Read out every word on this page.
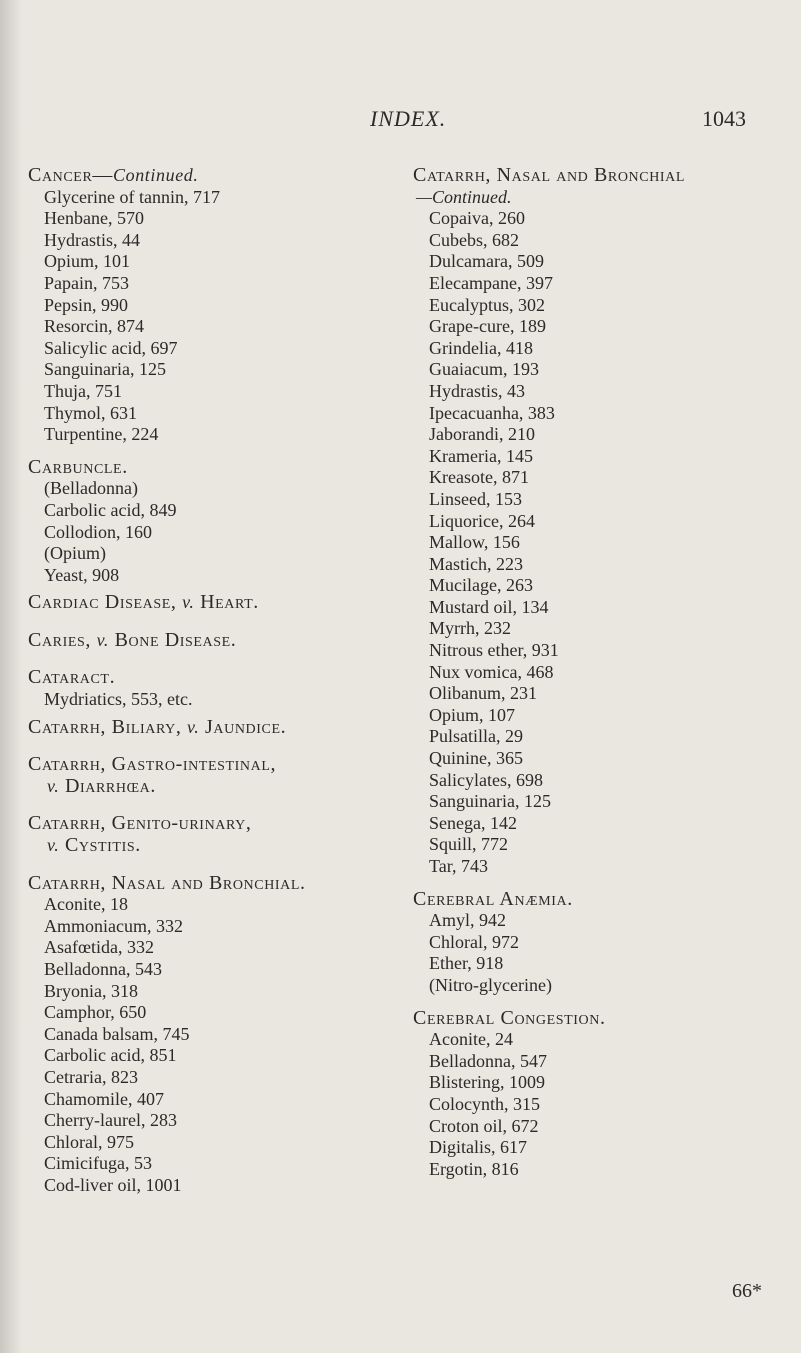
INDEX.	1043
Cancer—Continued.
Glycerine of tannin, 717
Henbane, 570
Hydrastis, 44
Opium, 101
Papain, 753
Pepsin, 990
Resorcin, 874
Salicylic acid, 697
Sanguinaria, 125
Thuja, 751
Thymol, 631
Turpentine, 224
Carbuncle.
(Belladonna)
Carbolic acid, 849
Collodion, 160
(Opium)
Yeast, 908
Cardiac Disease, v. Heart.
Caries, v. Bone Disease.
Cataract.
Mydriatics, 553, etc.
Catarrh, Biliary, v. Jaundice.
Catarrh, Gastro-intestinal,
v. Diarrhœa.
Catarrh, Genito-urinary,
v. Cystitis.
Catarrh, Nasal and Bronchial.
Aconite, 18
Ammoniacum, 332
Asafœtida, 332
Belladonna, 543
Bryonia, 318
Camphor, 650
Canada balsam, 745
Carbolic acid, 851
Cetraria, 823
Chamomile, 407
Cherry-laurel, 283
Chloral, 975
Cimicifuga, 53
Cod-liver oil, 1001
Catarrh, Nasal and Bronchial
—Continued.
Copaiva, 260
Cubebs, 682
Dulcamara, 509
Elecampane, 397
Eucalyptus, 302
Grape-cure, 189
Grindelia, 418
Guaiacum, 193
Hydrastis, 43
Ipecacuanha, 383
Jaborandi, 210
Krameria, 145
Kreasote, 871
Linseed, 153
Liquorice, 264
Mallow, 156
Mastich, 223
Mucilage, 263
Mustard oil, 134
Myrrh, 232
Nitrous ether, 931
Nux vomica, 468
Olibanum, 231
Opium, 107
Pulsatilla, 29
Quinine, 365
Salicylates, 698
Sanguinaria, 125
Senega, 142
Squill, 772
Tar, 743
Cerebral Anæmia.
Amyl, 942
Chloral, 972
Ether, 918
(Nitro-glycerine)
Cerebral Congestion.
Aconite, 24
Belladonna, 547
Blistering, 1009
Colocynth, 315
Croton oil, 672
Digitalis, 617
Ergotin, 816
66*
